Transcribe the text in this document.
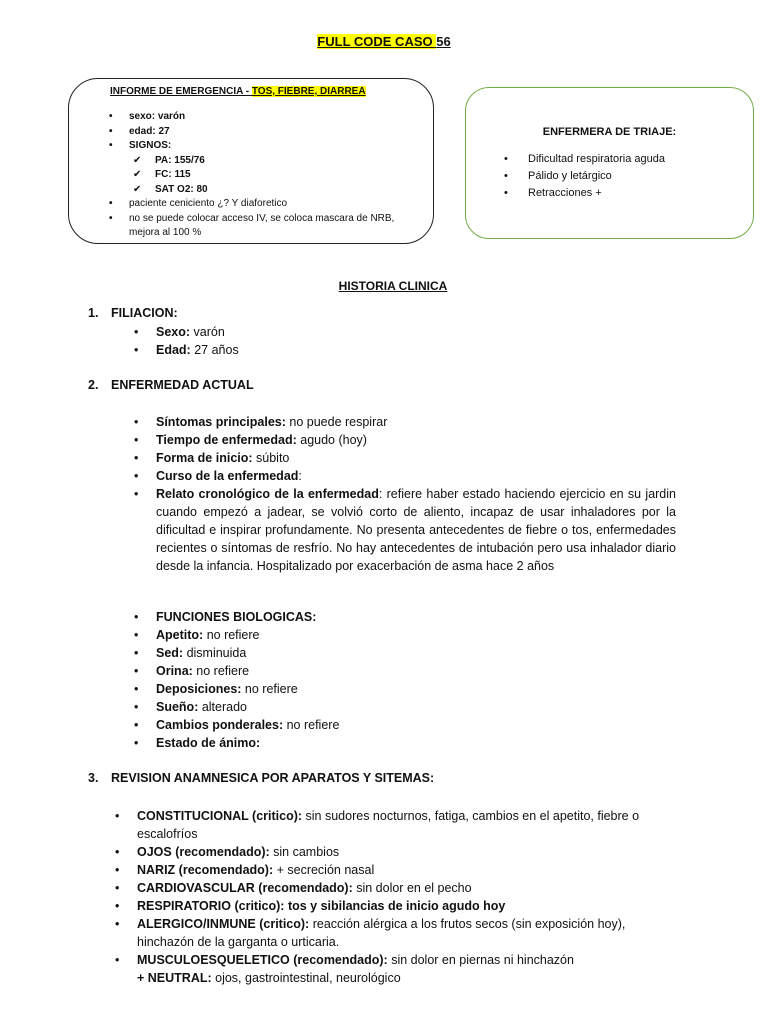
FULL CODE CASO 56
INFORME DE EMERGENCIA - TOS, FIEBRE, DIARREA
• sexo: varón
• edad: 27
• SIGNOS:
✔ PA: 155/76
✔ FC: 115
✔ SAT O2: 80
• paciente ceniciento ¿? Y diaforetico
• no se puede colocar acceso IV, se coloca mascara de NRB, mejora al 100 %
ENFERMERA DE TRIAJE:
• Dificultad respiratoria aguda
• Pálido y letárgico
• Retracciones +
HISTORIA CLINICA
1. FILIACION:
• Sexo: varón
• Edad: 27 años
2. ENFERMEDAD ACTUAL
• Síntomas principales: no puede respirar
• Tiempo de enfermedad: agudo (hoy)
• Forma de inicio: súbito
• Curso de la enfermedad:
• Relato cronológico de la enfermedad: refiere haber estado haciendo ejercicio en su jardin cuando empezó a jadear, se volvió corto de aliento, incapaz de usar inhaladores por la dificultad e inspirar profundamente. No presenta antecedentes de fiebre o tos, enfermedades recientes o síntomas de resfrío. No hay antecedentes de intubación pero usa inhalador diario desde la infancia. Hospitalizado por exacerbación de asma hace 2 años
• FUNCIONES BIOLOGICAS:
• Apetito: no refiere
• Sed: disminuida
• Orina: no refiere
• Deposiciones: no refiere
• Sueño: alterado
• Cambios ponderales: no refiere
• Estado de ánimo:
3. REVISION ANAMNESICA POR APARATOS Y SITEMAS:
• CONSTITUCIONAL (critico): sin sudores nocturnos, fatiga, cambios en el apetito, fiebre o escalofríos
• OJOS (recomendado): sin cambios
• NARIZ (recomendado): + secreción nasal
• CARDIOVASCULAR (recomendado): sin dolor en el pecho
• RESPIRATORIO (critico): tos y sibilancias de inicio agudo hoy
• ALERGICO/INMUNE (critico): reacción alérgica a los frutos secos (sin exposición hoy), hinchazón de la garganta o urticaria.
• MUSCULOESQUELETICO (recomendado): sin dolor en piernas ni hinchazón
+ NEUTRAL: ojos, gastrointestinal, neurológico
